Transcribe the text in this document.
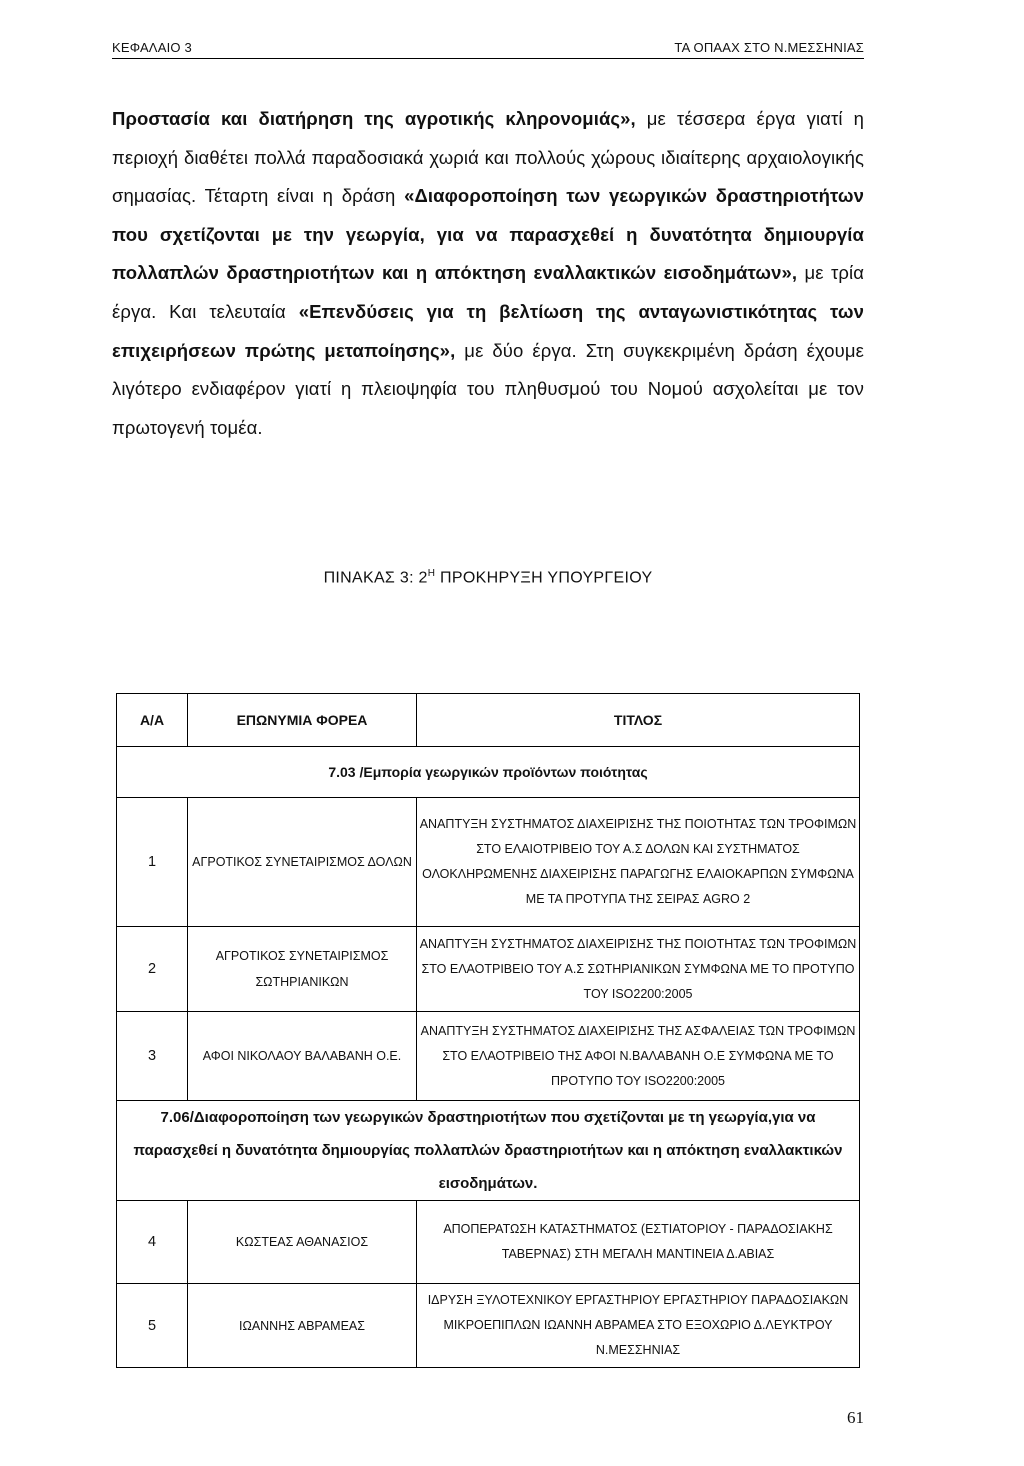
ΚΕΦΑΛΑΙΟ 3	ΤΑ ΟΠΑΑΧ ΣΤΟ Ν.ΜΕΣΣΗΝΙΑΣ
Προστασία και διατήρηση της αγροτικής κληρονομιάς», με τέσσερα έργα γιατί η περιοχή διαθέτει πολλά παραδοσιακά χωριά και πολλούς χώρους ιδιαίτερης αρχαιολογικής σημασίας. Τέταρτη είναι η δράση «Διαφοροποίηση των γεωργικών δραστηριοτήτων που σχετίζονται με την γεωργία, για να παρασχεθεί η δυνατότητα δημιουργία πολλαπλών δραστηριοτήτων και η απόκτηση εναλλακτικών εισοδημάτων», με τρία έργα. Και τελευταία «Επενδύσεις για τη βελτίωση της ανταγωνιστικότητας των επιχειρήσεων πρώτης μεταποίησης», με δύο έργα. Στη συγκεκριμένη δράση έχουμε λιγότερο ενδιαφέρον γιατί η πλειοψηφία του πληθυσμού του Νομού ασχολείται με τον πρωτογενή τομέα.
ΠΙΝΑΚΑΣ 3: $2^H$ ΠΡΟΚΗΡΥΞΗ ΥΠΟΥΡΓΕΙΟΥ
Α/Α	ΕΠΩΝΥΜΙΑ ΦΟΡΕΑ	ΤΙΤΛΟΣ
7.03 /Εμπορία γεωργικών προϊόντων ποιότητας		
1	ΑΓΡΟΤΙΚΟΣ ΣΥΝΕΤΑΙΡΙΣΜΟΣ ΔΟΛΩΝ	ΑΝΑΠΤΥΞΗ ΣΥΣΤΗΜΑΤΟΣ ΔΙΑΧΕΙΡΙΣΗΣ ΤΗΣ ΠΟΙΟΤΗΤΑΣ ΤΩΝ ΤΡΟΦΙΜΩΝ ΣΤΟ ΕΛΑΙΟΤΡΙΒΕΙΟ ΤΟΥ Α.Σ ΔΟΛΩΝ ΚΑΙ ΣΥΣΤΗΜΑΤΟΣ ΟΛΟΚΛΗΡΩΜΕΝΗΣ ΔΙΑΧΕΙΡΙΣΗΣ ΠΑΡΑΓΩΓΗΣ ΕΛΑΙΟΚΑΡΠΩΝ ΣΥΜΦΩΝΑ ΜΕ ΤΑ ΠΡΟΤΥΠΑ ΤΗΣ ΣΕΙΡΑΣ AGRO 2
2	ΑΓΡΟΤΙΚΟΣ ΣΥΝΕΤΑΙΡΙΣΜΟΣ ΣΩΤΗΡΙΑΝΙΚΩΝ	ΑΝΑΠΤΥΞΗ ΣΥΣΤΗΜΑΤΟΣ ΔΙΑΧΕΙΡΙΣΗΣ ΤΗΣ ΠΟΙΟΤΗΤΑΣ ΤΩΝ ΤΡΟΦΙΜΩΝ ΣΤΟ ΕΛΑΟΤΡΙΒΕΙΟ ΤΟΥ Α.Σ ΣΩΤΗΡΙΑΝΙΚΩΝ ΣΥΜΦΩΝΑ ΜΕ ΤΟ ΠΡΟΤΥΠΟ ΤΟΥ ISO2200:2005
3	ΑΦΟΙ ΝΙΚΟΛΑΟΥ ΒΑΛΑΒΑΝΗ Ο.Ε.	ΑΝΑΠΤΥΞΗ ΣΥΣΤΗΜΑΤΟΣ ΔΙΑΧΕΙΡΙΣΗΣ ΤΗΣ ΑΣΦΑΛΕΙΑΣ ΤΩΝ ΤΡΟΦΙΜΩΝ ΣΤΟ ΕΛΑΟΤΡΙΒΕΙΟ ΤΗΣ ΑΦΟΙ Ν.ΒΑΛΑΒΑΝΗ Ο.Ε ΣΥΜΦΩΝΑ ΜΕ ΤΟ ΠΡΟΤΥΠΟ ΤΟΥ ISO2200:2005
7.06/Διαφοροποίηση των γεωργικών δραστηριοτήτων που σχετίζονται με τη γεωργία,για να παρασχεθεί η δυνατότητα δημιουργίας πολλαπλών δραστηριοτήτων και η απόκτηση εναλλακτικών εισοδημάτων.		
4	ΚΩΣΤΕΑΣ ΑΘΑΝΑΣΙΟΣ	ΑΠΟΠΕΡΑΤΩΣΗ ΚΑΤΑΣΤΗΜΑΤΟΣ (ΕΣΤΙΑΤΟΡΙΟΥ - ΠΑΡΑΔΟΣΙΑΚΗΣ ΤΑΒΕΡΝΑΣ) ΣΤΗ ΜΕΓΑΛΗ ΜΑΝΤΙΝΕΙΑ Δ.ΑΒΙΑΣ
5	ΙΩΑΝΝΗΣ ΑΒΡΑΜΕΑΣ	ΙΔΡΥΣΗ ΞΥΛΟΤΕΧΝΙΚΟΥ ΕΡΓΑΣΤΗΡΙΟΥ ΕΡΓΑΣΤΗΡΙΟΥ ΠΑΡΑΔΟΣΙΑΚΩΝ ΜΙΚΡΟΕΠΙΠΛΩΝ ΙΩΑΝΝΗ ΑΒΡΑΜΕΑ ΣΤΟ ΕΞΟΧΩΡΙΟ Δ.ΛΕΥΚΤΡΟΥ Ν.ΜΕΣΣΗΝΙΑΣ
61
